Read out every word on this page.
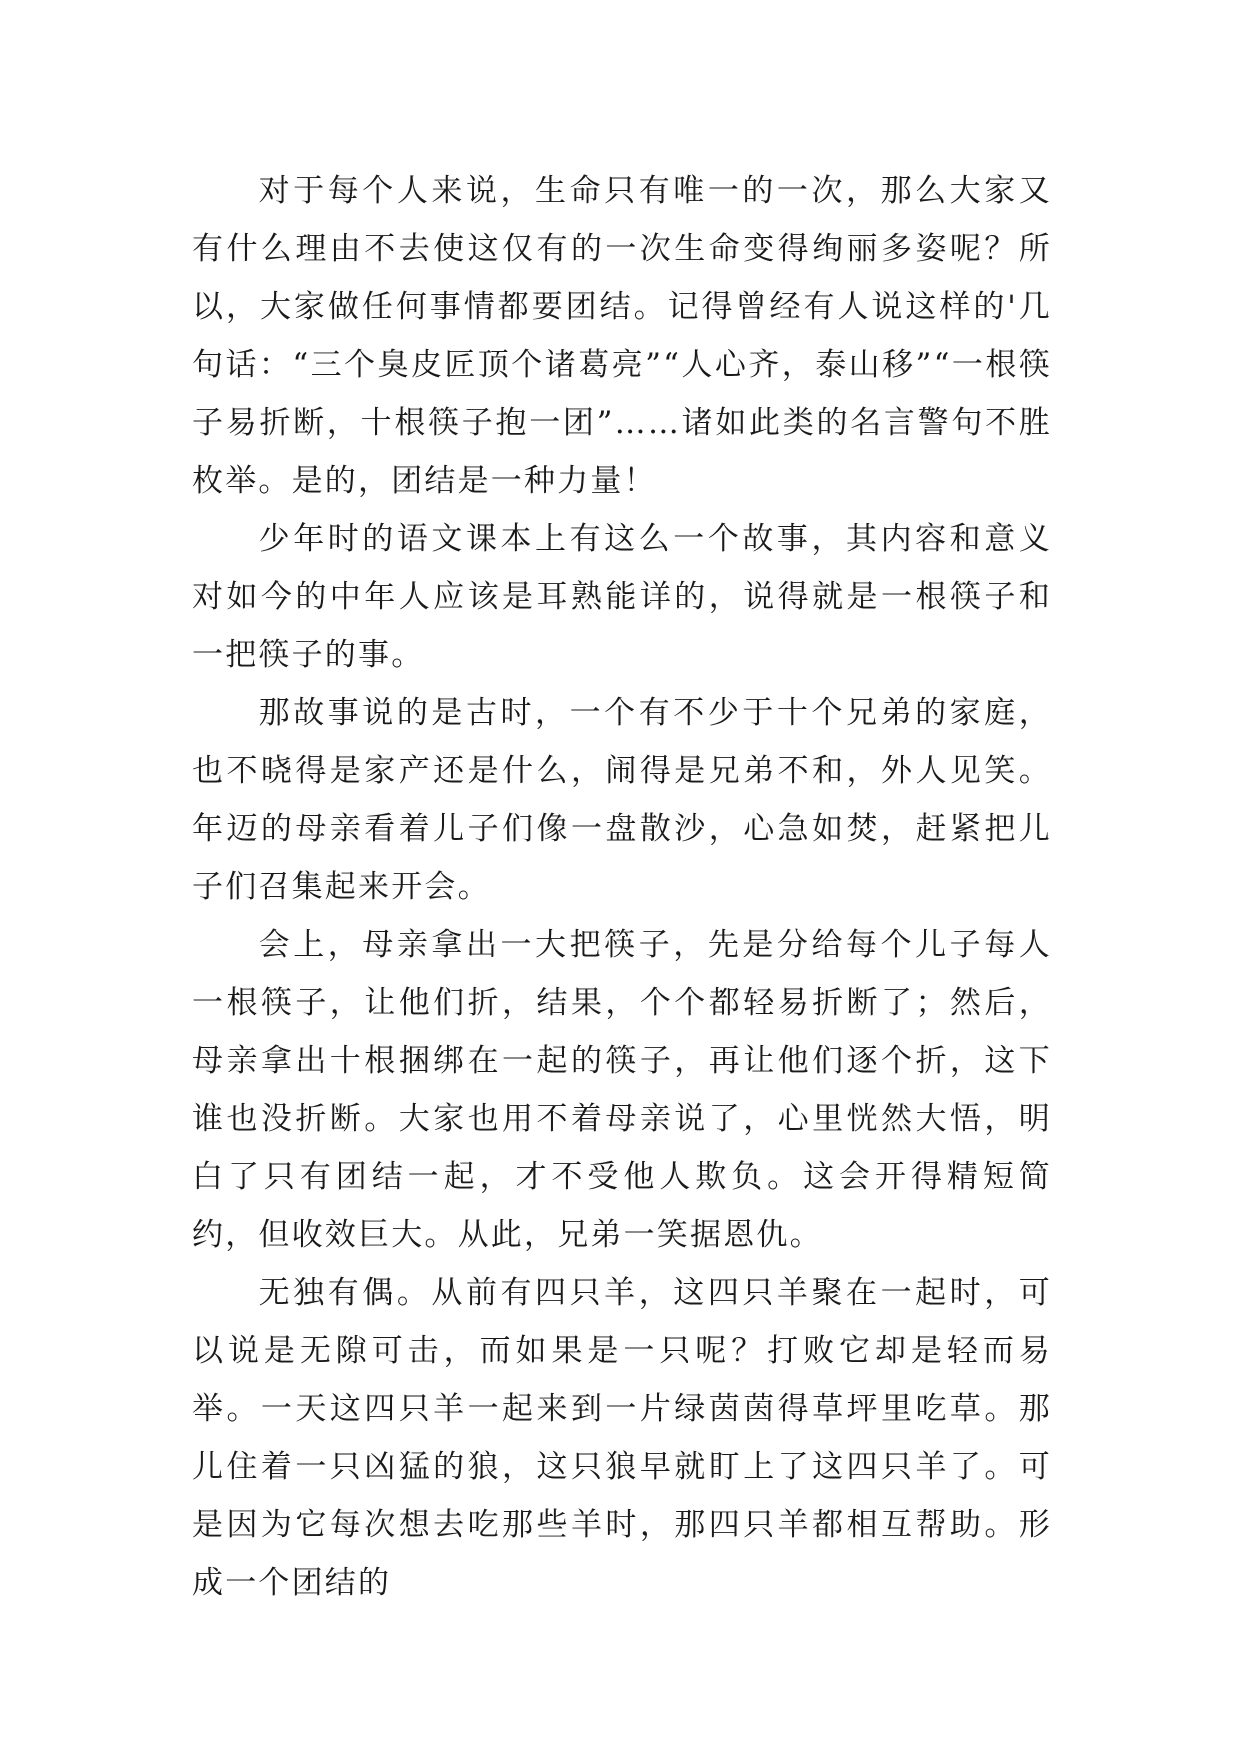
对于每个人来说，生命只有唯一的一次，那么大家又有什么理由不去使这仅有的一次生命变得绚丽多姿呢？所以，大家做任何事情都要团结。记得曾经有人说这样的'几句话：“三个臭皮匠顶个诸葛亮”“人心齐，泰山移”“一根筷子易折断，十根筷子抱一团”……诸如此类的名言警句不胜枚举。是的，团结是一种力量！

少年时的语文课本上有这么一个故事，其内容和意义对如今的中年人应该是耳熟能详的，说得就是一根筷子和一把筷子的事。

那故事说的是古时，一个有不少于十个兄弟的家庭，也不晓得是家产还是什么，闹得是兄弟不和，外人见笑。年迈的母亲看着儿子们像一盘散沙，心急如焚，赶紧把儿子们召集起来开会。

会上，母亲拿出一大把筷子，先是分给每个儿子每人一根筷子，让他们折，结果，个个都轻易折断了；然后，母亲拿出十根捆绑在一起的筷子，再让他们逐个折，这下谁也没折断。大家也用不着母亲说了，心里恍然大悟，明白了只有团结一起，才不受他人欺负。这会开得精短简约，但收效巨大。从此，兄弟一笑据恩仇。

无独有偶。从前有四只羊，这四只羊聚在一起时，可以说是无隙可击，而如果是一只呢？打败它却是轻而易举。一天这四只羊一起来到一片绿茵茵得草坪里吃草。那儿住着一只凶猛的狼，这只狼早就盯上了这四只羊了。可是因为它每次想去吃那些羊时，那四只羊都相互帮助。形成一个团结的
